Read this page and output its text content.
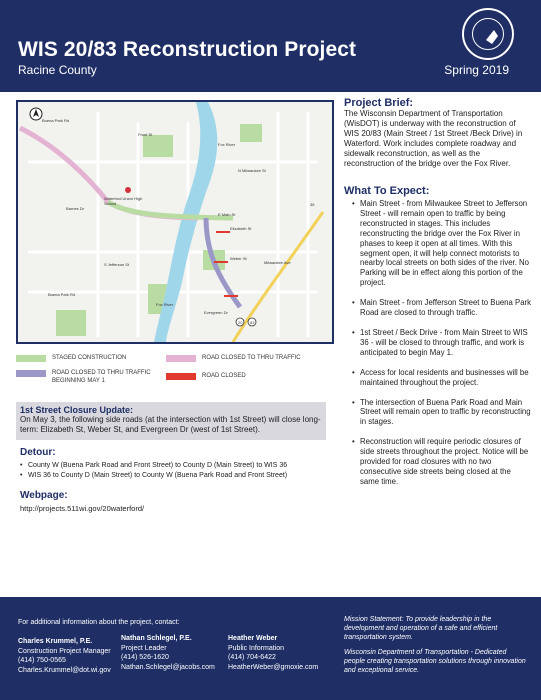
WIS 20/83 Reconstruction Project
Racine County	Spring 2019
Buena Park Rd
Buena Park Rd
Front St
Fox River
N Milwaukee St
Barnes Dr
E Main St
Elizabeth St
Weber St
S Jefferson St
Evergreen Dr
Milwaukee Ave
Waterford Union High School
Fox River
20 83
36
STAGED CONSTRUCTION	ROAD CLOSED TO THRU TRAFFIC
ROAD CLOSED TO THRU TRAFFIC BEGINNING MAY 1
ROAD CLOSED
1st Street Closure Update:

On May 3, the following side roads (at the intersection with 1st Street) will close long-term: Elizabeth St, Weber St, and Evergreen Dr (west of 1st Street).

Detour:
• County W (Buena Park Road and Front Street) to County D (Main Street) to WIS 36
• WIS 36 to County D (Main Street) to County W (Buena Park Road and Front Street)
Webpage:

http://projects.511wi.gov/20waterford/

Project Brief:

The Wisconsin Department of Transportation (WisDOT) is underway with the reconstruction of WIS 20/83 (Main Street / 1st Street /Beck Drive) in Waterford. Work includes complete roadway and sidewalk reconstruction, as well as the reconstruction of the bridge over the Fox River.

What To Expect:
• Main Street - from Milwaukee Street to Jefferson Street - will remain open to traffic by being reconstructed in stages. This includes reconstructing the bridge over the Fox River in phases to keep it open at all times. With this segment open, it will help connect motorists to nearby local streets on both sides of the river. No Parking will be in effect along this portion of the project.
• Main Street - from Jefferson Street to Buena Park Road are closed to through traffic.
• 1st Street / Beck Drive - from Main Street to WIS 36 - will be closed to through traffic, and work is anticipated to begin May 1.
• Access for local residents and businesses will be maintained throughout the project.
• The intersection of Buena Park Road and Main Street will remain open to traffic by reconstructing in stages.
• Reconstruction will require periodic closures of side streets throughout the project. Notice will be provided for road closures with no two consecutive side streets being closed at the same time.
For additional information about the project, contact:
Charles Krummel, P.E.
Construction Project Manager
(414) 750-0565
Charles.Krummel@dot.wi.gov
Nathan Schlegel, P.E.
Project Leader
(414) 526-1620
Nathan.Schlegel@jacobs.com
Heather Weber
Public Information
(414) 704-6422
HeatherWeber@gmoxie.com

Mission Statement: To provide leadership in the development and operation of a safe and efficient transportation system.

Wisconsin Department of Transportation - Dedicated people creating transportation solutions through innovation and exceptional service.
